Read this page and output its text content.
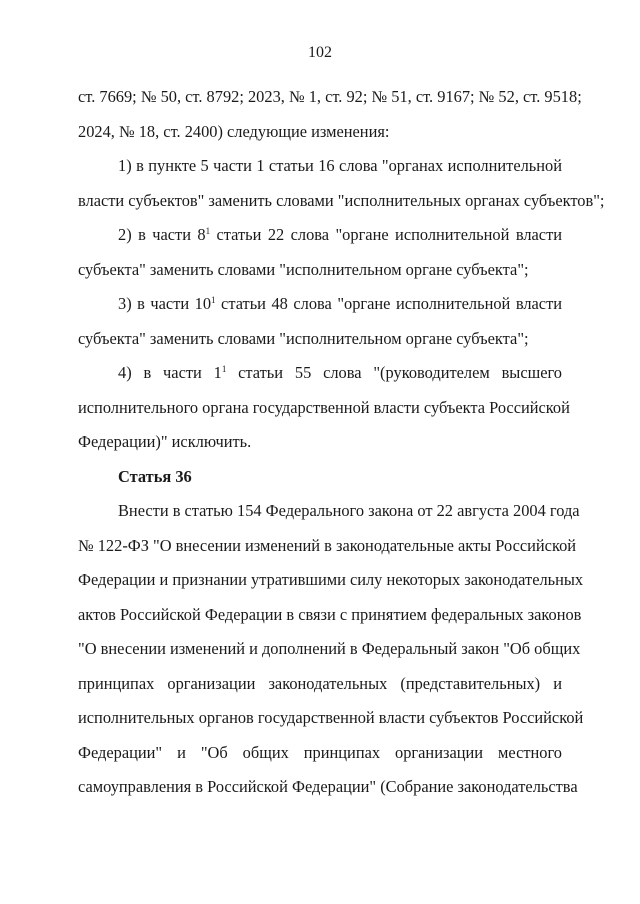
102
ст. 7669; № 50, ст. 8792; 2023, № 1, ст. 92; № 51, ст. 9167; № 52, ст. 9518;
2024, № 18, ст. 2400) следующие изменения:
1) в пункте 5 части 1 статьи 16 слова "органах исполнительной
власти субъектов" заменить словами "исполнительных органах субъектов";
2) в части $8^1$ статьи 22 слова "органе исполнительной власти
субъекта" заменить словами "исполнительном органе субъекта";
3) в части $10^1$ статьи 48 слова "органе исполнительной власти
субъекта" заменить словами "исполнительном органе субъекта";
4) в части $1^1$ статьи 55 слова "(руководителем высшего
исполнительного органа государственной власти субъекта Российской
Федерации)" исключить.
Статья 36
Внести в статью 154 Федерального закона от 22 августа 2004 года
№ 122-ФЗ "О внесении изменений в законодательные акты Российской
Федерации и признании утратившими силу некоторых законодательных
актов Российской Федерации в связи с принятием федеральных законов
"О внесении изменений и дополнений в Федеральный закон "Об общих
принципах организации законодательных (представительных) и
исполнительных органов государственной власти субъектов Российской
Федерации" и "Об общих принципах организации местного
самоуправления в Российской Федерации" (Собрание законодательства
